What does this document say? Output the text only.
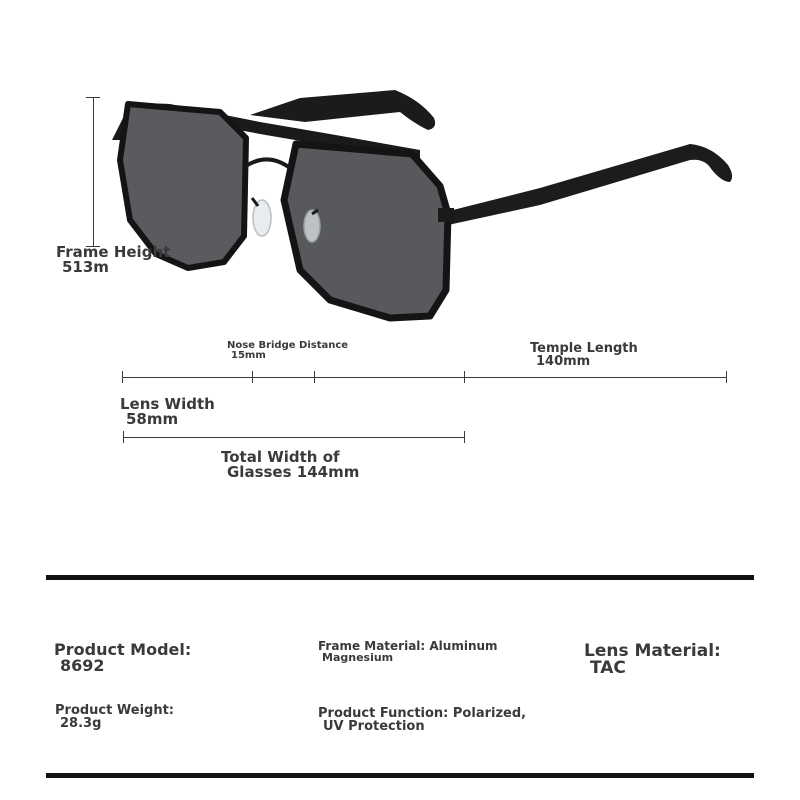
Frame Height
513m
Nose Bridge Distance
15mm	Temple Length
140mm
Lens Width
58mm
Total Width of
Glasses 144mm
Product Model:
8692
Frame Material: Aluminum
Magnesium	Lens Material:
TAC
Product Weight:
28.3g
Product Function: Polarized,
UV Protection
